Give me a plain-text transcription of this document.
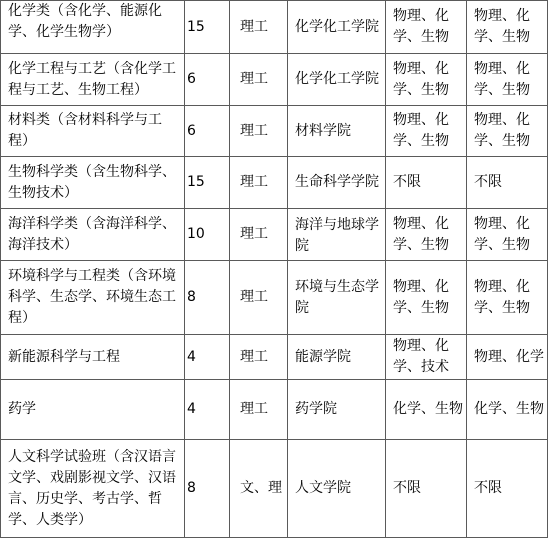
化学类（含化学、能源化学、化学生物学）	15	理工	化学化工学院	物理、化学、生物	物理、化学、生物
化学工程与工艺（含化学工程与工艺、生物工程）	6	理工	化学化工学院	物理、化学、生物	物理、化学、生物
材料类（含材料科学与工程）	6	理工	材料学院	物理、化学、生物	物理、化学、生物
生物科学类（含生物科学、生物技术）	15	理工	生命科学学院	不限	不限
海洋科学类（含海洋科学、海洋技术）	10	理工	海洋与地球学院	物理、化学、生物	物理、化学、生物
环境科学与工程类（含环境科学、生态学、环境生态工程）	8	理工	环境与生态学院	物理、化学、生物	物理、化学、生物
新能源科学与工程	4	理工	能源学院	物理、化学、技术	物理、化学
药学	4	理工	药学院	化学、生物	化学、生物
人文科学试验班（含汉语言文学、戏剧影视文学、汉语言、历史学、考古学、哲学、人类学）	8	文、理	人文学院	不限	不限
